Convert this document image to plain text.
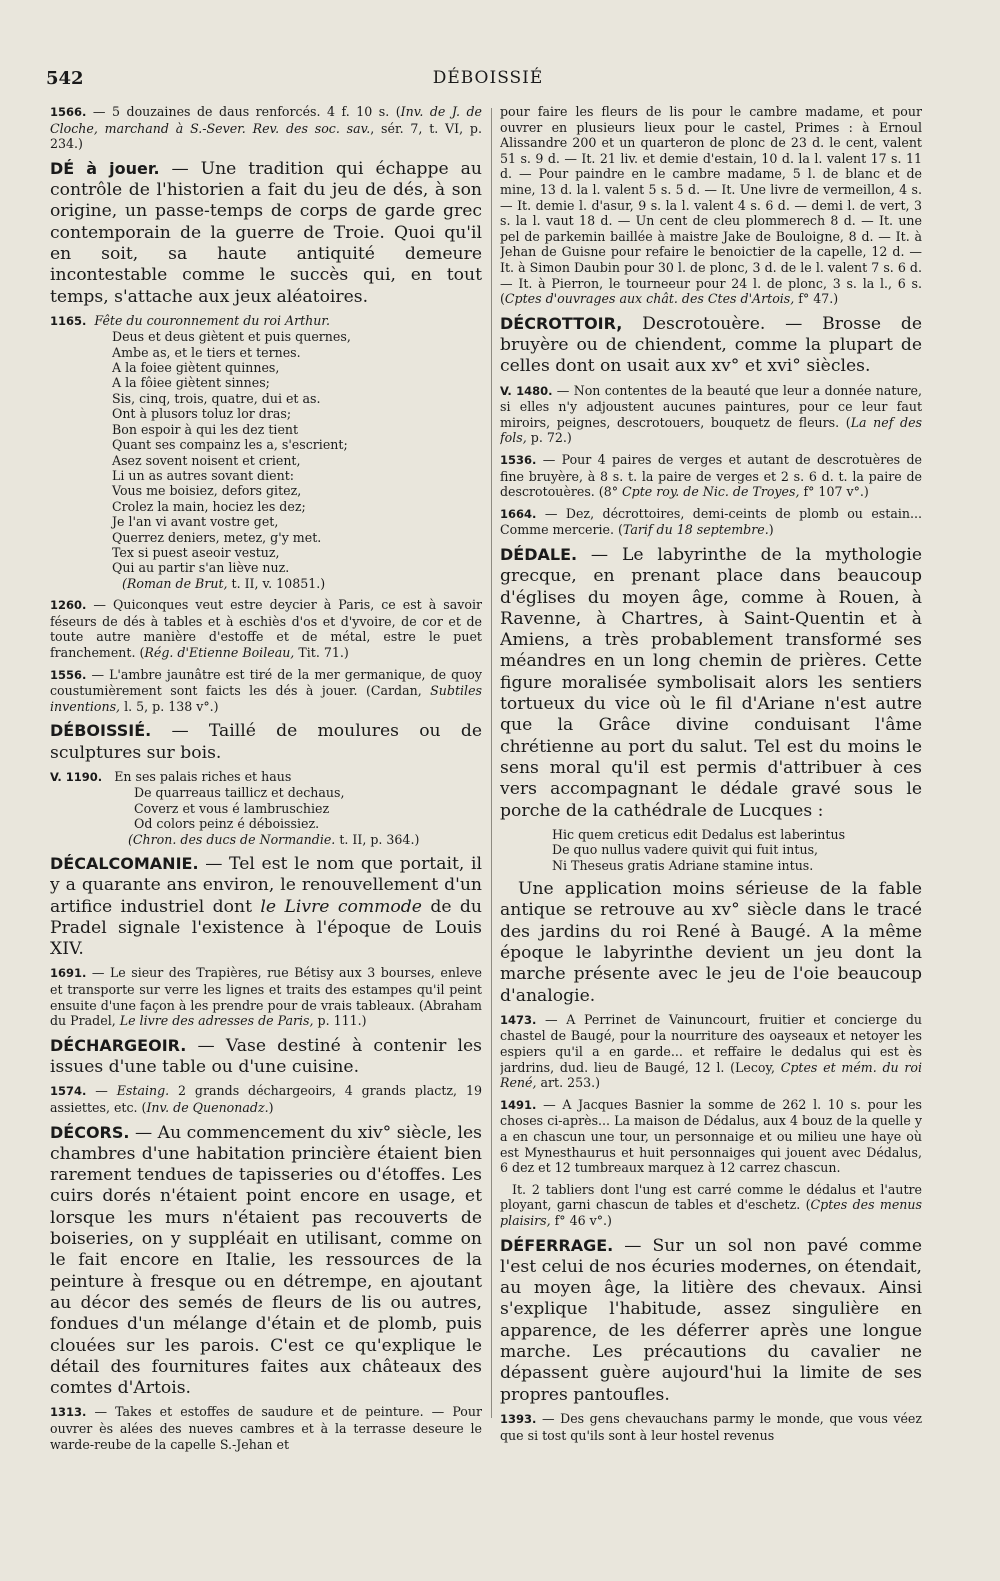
542	DÉBOISSIÉ

1566. — 5 douzaines de daus renforcés. 4 f. 10 s. (Inv. de J. de Cloche, marchand à S.-Sever. Rev. des soc. sav., sér. 7, t. VI, p. 234.)

DÉ à jouer. — Une tradition qui échappe au contrôle de l'historien a fait du jeu de dés, à son origine, un passe-temps de corps de garde grec contemporain de la guerre de Troie. Quoi qu'il en soit, sa haute antiquité demeure incontestable comme le succès qui, en tout temps, s'attache aux jeux aléatoires.

1165. Fête du couronnement du roi Arthur.
Deus et deus giètent et puis quernes,
Ambe as, et le tiers et ternes.
A la foiee giètent quinnes,
A la fôiee giètent sinnes;
Sis, cinq, trois, quatre, dui et as.
Ont à plusors toluz lor dras;
Bon espoir à qui les dez tient
Quant ses compainz les a, s'escrient;
Asez sovent noisent et crient,
Li un as autres sovant dient:
Vous me boisiez, defors gitez,
Crolez la main, hociez les dez;
Je l'an vi avant vostre get,
Querrez deniers, metez, g'y met.
Tex si puest aseoir vestuz,
Qui au partir s'an liève nuz.
(Roman de Brut, t. II, v. 10851.)

1260. — Quiconques veut estre deycier à Paris, ce est à savoir féseurs de dés à tables et à eschiès d'os et d'yvoire, de cor et de toute autre manière d'estoffe et de métal, estre le puet franchement. (Rég. d'Etienne Boileau, Tit. 71.)

1556. — L'ambre jaunâtre est tiré de la mer germanique, de quoy coustumièrement sont faicts les dés à jouer. (Cardan, Subtiles inventions, l. 5, p. 138 v°.)

DÉBOISSIÉ. — Taillé de moulures ou de sculptures sur bois.

V. 1190. En ses palais riches et haus
De quarreaus taillicz et dechaus,
Coverz et vous é lambruschiez
Od colors peinz é déboissiez.
(Chron. des ducs de Normandie. t. II, p. 364.)

DÉCALCOMANIE. — Tel est le nom que portait, il y a quarante ans environ, le renouvellement d'un artifice industriel dont le Livre commode de du Pradel signale l'existence à l'époque de Louis XIV.

1691. — Le sieur des Trapières, rue Bétisy aux 3 bourses, enleve et transporte sur verre les lignes et traits des estampes qu'il peint ensuite d'une façon à les prendre pour de vrais tableaux. (Abraham du Pradel, Le livre des adresses de Paris, p. 111.)

DÉCHARGEOIR. — Vase destiné à contenir les issues d'une table ou d'une cuisine.

1574. — Estaing. 2 grands déchargeoirs, 4 grands plactz, 19 assiettes, etc. (Inv. de Quenonadz.)

DÉCORS. — Au commencement du xiv° siècle, les chambres d'une habitation princière étaient bien rarement tendues de tapisseries ou d'étoffes. Les cuirs dorés n'étaient point encore en usage, et lorsque les murs n'étaient pas recouverts de boiseries, on y suppléait en utilisant, comme on le fait encore en Italie, les ressources de la peinture à fresque ou en détrempe, en ajoutant au décor des semés de fleurs de lis ou autres, fondues d'un mélange d'étain et de plomb, puis clouées sur les parois. C'est ce qu'explique le détail des fournitures faites aux châteaux des comtes d'Artois.

1313. — Takes et estoffes de saudure et de peinture. — Pour ouvrer ès alées des nueves cambres et à la terrasse deseure le warde-reube de la capelle S.-Jehan et

pour faire les fleurs de lis pour le cambre madame, et pour ouvrer en plusieurs lieux pour le castel, Primes : à Ernoul Alissandre 200 et un quarteron de plonc de 23 d. le cent, valent 51 s. 9 d. — It. 21 liv. et demie d'estain, 10 d. la l. valent 17 s. 11 d. — Pour paindre en le cambre madame, 5 l. de blanc et de mine, 13 d. la l. valent 5 s. 5 d. — It. Une livre de vermeillon, 4 s. — It. demie l. d'asur, 9 s. la l. valent 4 s. 6 d. — demi l. de vert, 3 s. la l. vaut 18 d. — Un cent de cleu plommerech 8 d. — It. une pel de parkemin baillée à maistre Jake de Bouloigne, 8 d. — It. à Jehan de Guisne pour refaire le benoictier de la capelle, 12 d. — It. à Simon Daubin pour 30 l. de plonc, 3 d. de le l. valent 7 s. 6 d. — It. à Pierron, le tourneeur pour 24 l. de plonc, 3 s. la l., 6 s. (Cptes d'ouvrages aux chât. des Ctes d'Artois, f° 47.)

DÉCROTTOIR, Descrotouère. — Brosse de bruyère ou de chiendent, comme la plupart de celles dont on usait aux xv° et xvi° siècles.

V. 1480. — Non contentes de la beauté que leur a donnée nature, si elles n'y adjoustent aucunes paintures, pour ce leur faut miroirs, peignes, descrotouers, bouquetz de fleurs. (La nef des fols, p. 72.)

1536. — Pour 4 paires de verges et autant de descrotuères de fine bruyère, à 8 s. t. la paire de verges et 2 s. 6 d. t. la paire de descrotouères. (8° Cpte roy. de Nic. de Troyes, f° 107 v°.)

1664. — Dez, décrottoires, demi-ceints de plomb ou estain... Comme mercerie. (Tarif du 18 septembre.)

DÉDALE. — Le labyrinthe de la mythologie grecque, en prenant place dans beaucoup d'églises du moyen âge, comme à Rouen, à Ravenne, à Chartres, à Saint-Quentin et à Amiens, a très probablement transformé ses méandres en un long chemin de prières. Cette figure moralisée symbolisait alors les sentiers tortueux du vice où le fil d'Ariane n'est autre que la Grâce divine conduisant l'âme chrétienne au port du salut. Tel est du moins le sens moral qu'il est permis d'attribuer à ces vers accompagnant le dédale gravé sous le porche de la cathédrale de Lucques :

Hic quem creticus edit Dedalus est laberintus
De quo nullus vadere quivit qui fuit intus,
Ni Theseus gratis Adriane stamine intus.

Une application moins sérieuse de la fable antique se retrouve au xv° siècle dans le tracé des jardins du roi René à Baugé. A la même époque le labyrinthe devient un jeu dont la marche présente avec le jeu de l'oie beaucoup d'analogie.

1473. — A Perrinet de Vainuncourt, fruitier et concierge du chastel de Baugé, pour la nourriture des oayseaux et netoyer les espiers qu'il a en garde... et reffaire le dedalus qui est ès jardrins, dud. lieu de Baugé, 12 l. (Lecoy, Cptes et mém. du roi René, art. 253.)

1491. — A Jacques Basnier la somme de 262 l. 10 s. pour les choses ci-après... La maison de Dédalus, aux 4 bouz de la quelle y a en chascun une tour, un personnaige et ou milieu une haye où est Mynesthaurus et huit personnaiges qui jouent avec Dédalus, 6 dez et 12 tumbreaux marquez à 12 carrez chascun.

It. 2 tabliers dont l'ung est carré comme le dédalus et l'autre ployant, garni chascun de tables et d'eschetz. (Cptes des menus plaisirs, f° 46 v°.)

DÉFERRAGE. — Sur un sol non pavé comme l'est celui de nos écuries modernes, on étendait, au moyen âge, la litière des chevaux. Ainsi s'explique l'habitude, assez singulière en apparence, de les déferrer après une longue marche. Les précautions du cavalier ne dépassent guère aujourd'hui la limite de ses propres pantoufles.

1393. — Des gens chevauchans parmy le monde, que vous véez que si tost qu'ils sont à leur hostel revenus
